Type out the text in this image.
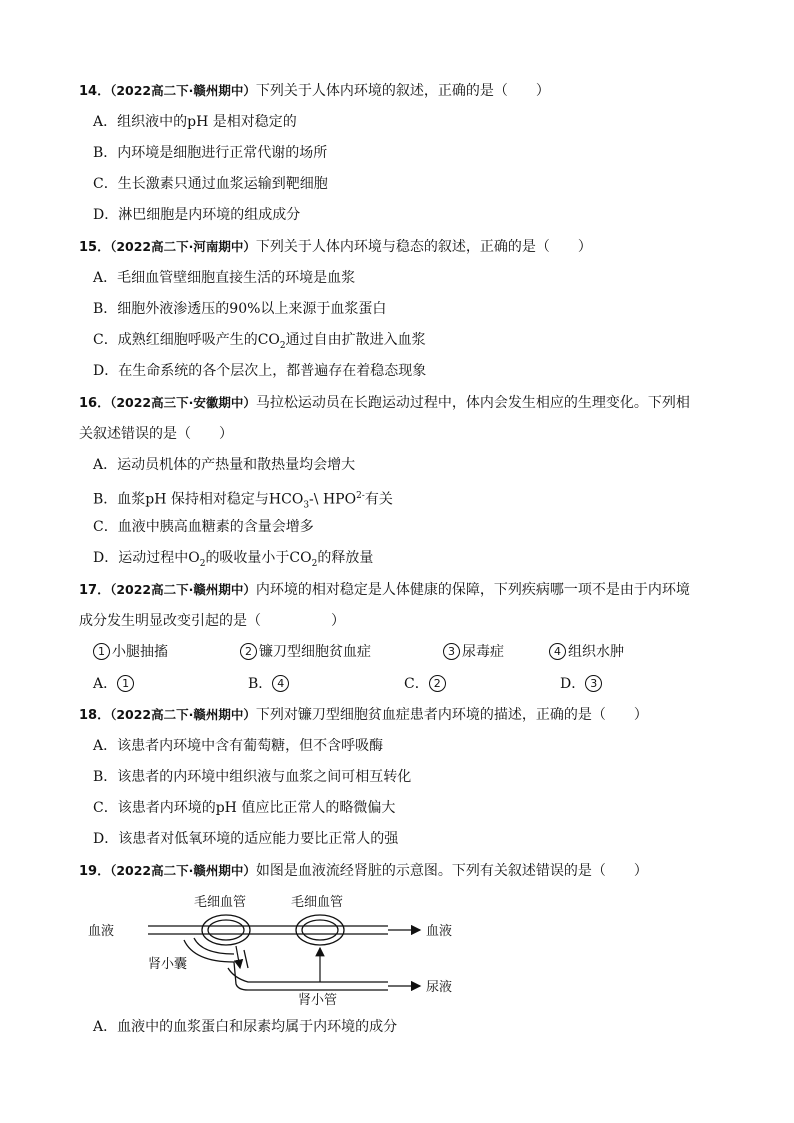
14．（2022高二下·赣州期中）下列关于人体内环境的叙述，正确的是（　　）
A．组织液中的pH 是相对稳定的
B．内环境是细胞进行正常代谢的场所
C．生长激素只通过血浆运输到靶细胞
D．淋巴细胞是内环境的组成成分
15．（2022高二下·河南期中）下列关于人体内环境与稳态的叙述，正确的是（　　）
A．毛细血管壁细胞直接生活的环境是血浆
B．细胞外液渗透压的90%以上来源于血浆蛋白
C．成熟红细胞呼吸产生的$CO_2$通过自由扩散进入血浆
D．在生命系统的各个层次上，都普遍存在着稳态现象
16．（2022高三下·安徽期中）马拉松运动员在长跑运动过程中，体内会发生相应的生理变化。下列相
关叙述错误的是（　　）
A．运动员机体的产热量和散热量均会增大
B．血浆pH 保持相对稳定与$HCO_3-\backslash$ $HPO^{2-}$有关
C．血液中胰高血糖素的含量会增多
D．运动过程中$O_2$的吸收量小于$CO_2$的释放量
17．（2022高二下·赣州期中）内环境的相对稳定是人体健康的保障，下列疾病哪一项不是由于内环境
成分发生明显改变引起的是（　　　　　）
1 小腿抽搐	2 镰刀型细胞贫血症	3 尿毒症	4 组织水肿
A． 1	B． 4	C． 2	D． 3
18．（2022高二下·赣州期中）下列对镰刀型细胞贫血症患者内环境的描述，正确的是（　　）
A．该患者内环境中含有葡萄糖，但不含呼吸酶
B．该患者的内环境中组织液与血浆之间可相互转化
C．该患者内环境的pH 值应比正常人的略微偏大
D．该患者对低氧环境的适应能力要比正常人的强
19．（2022高二下·赣州期中）如图是血液流经肾脏的示意图。下列有关叙述错误的是（　　）
毛细血管	毛细血管
血液	血液
肾小囊
肾小管
尿液
A．血液中的血浆蛋白和尿素均属于内环境的成分
